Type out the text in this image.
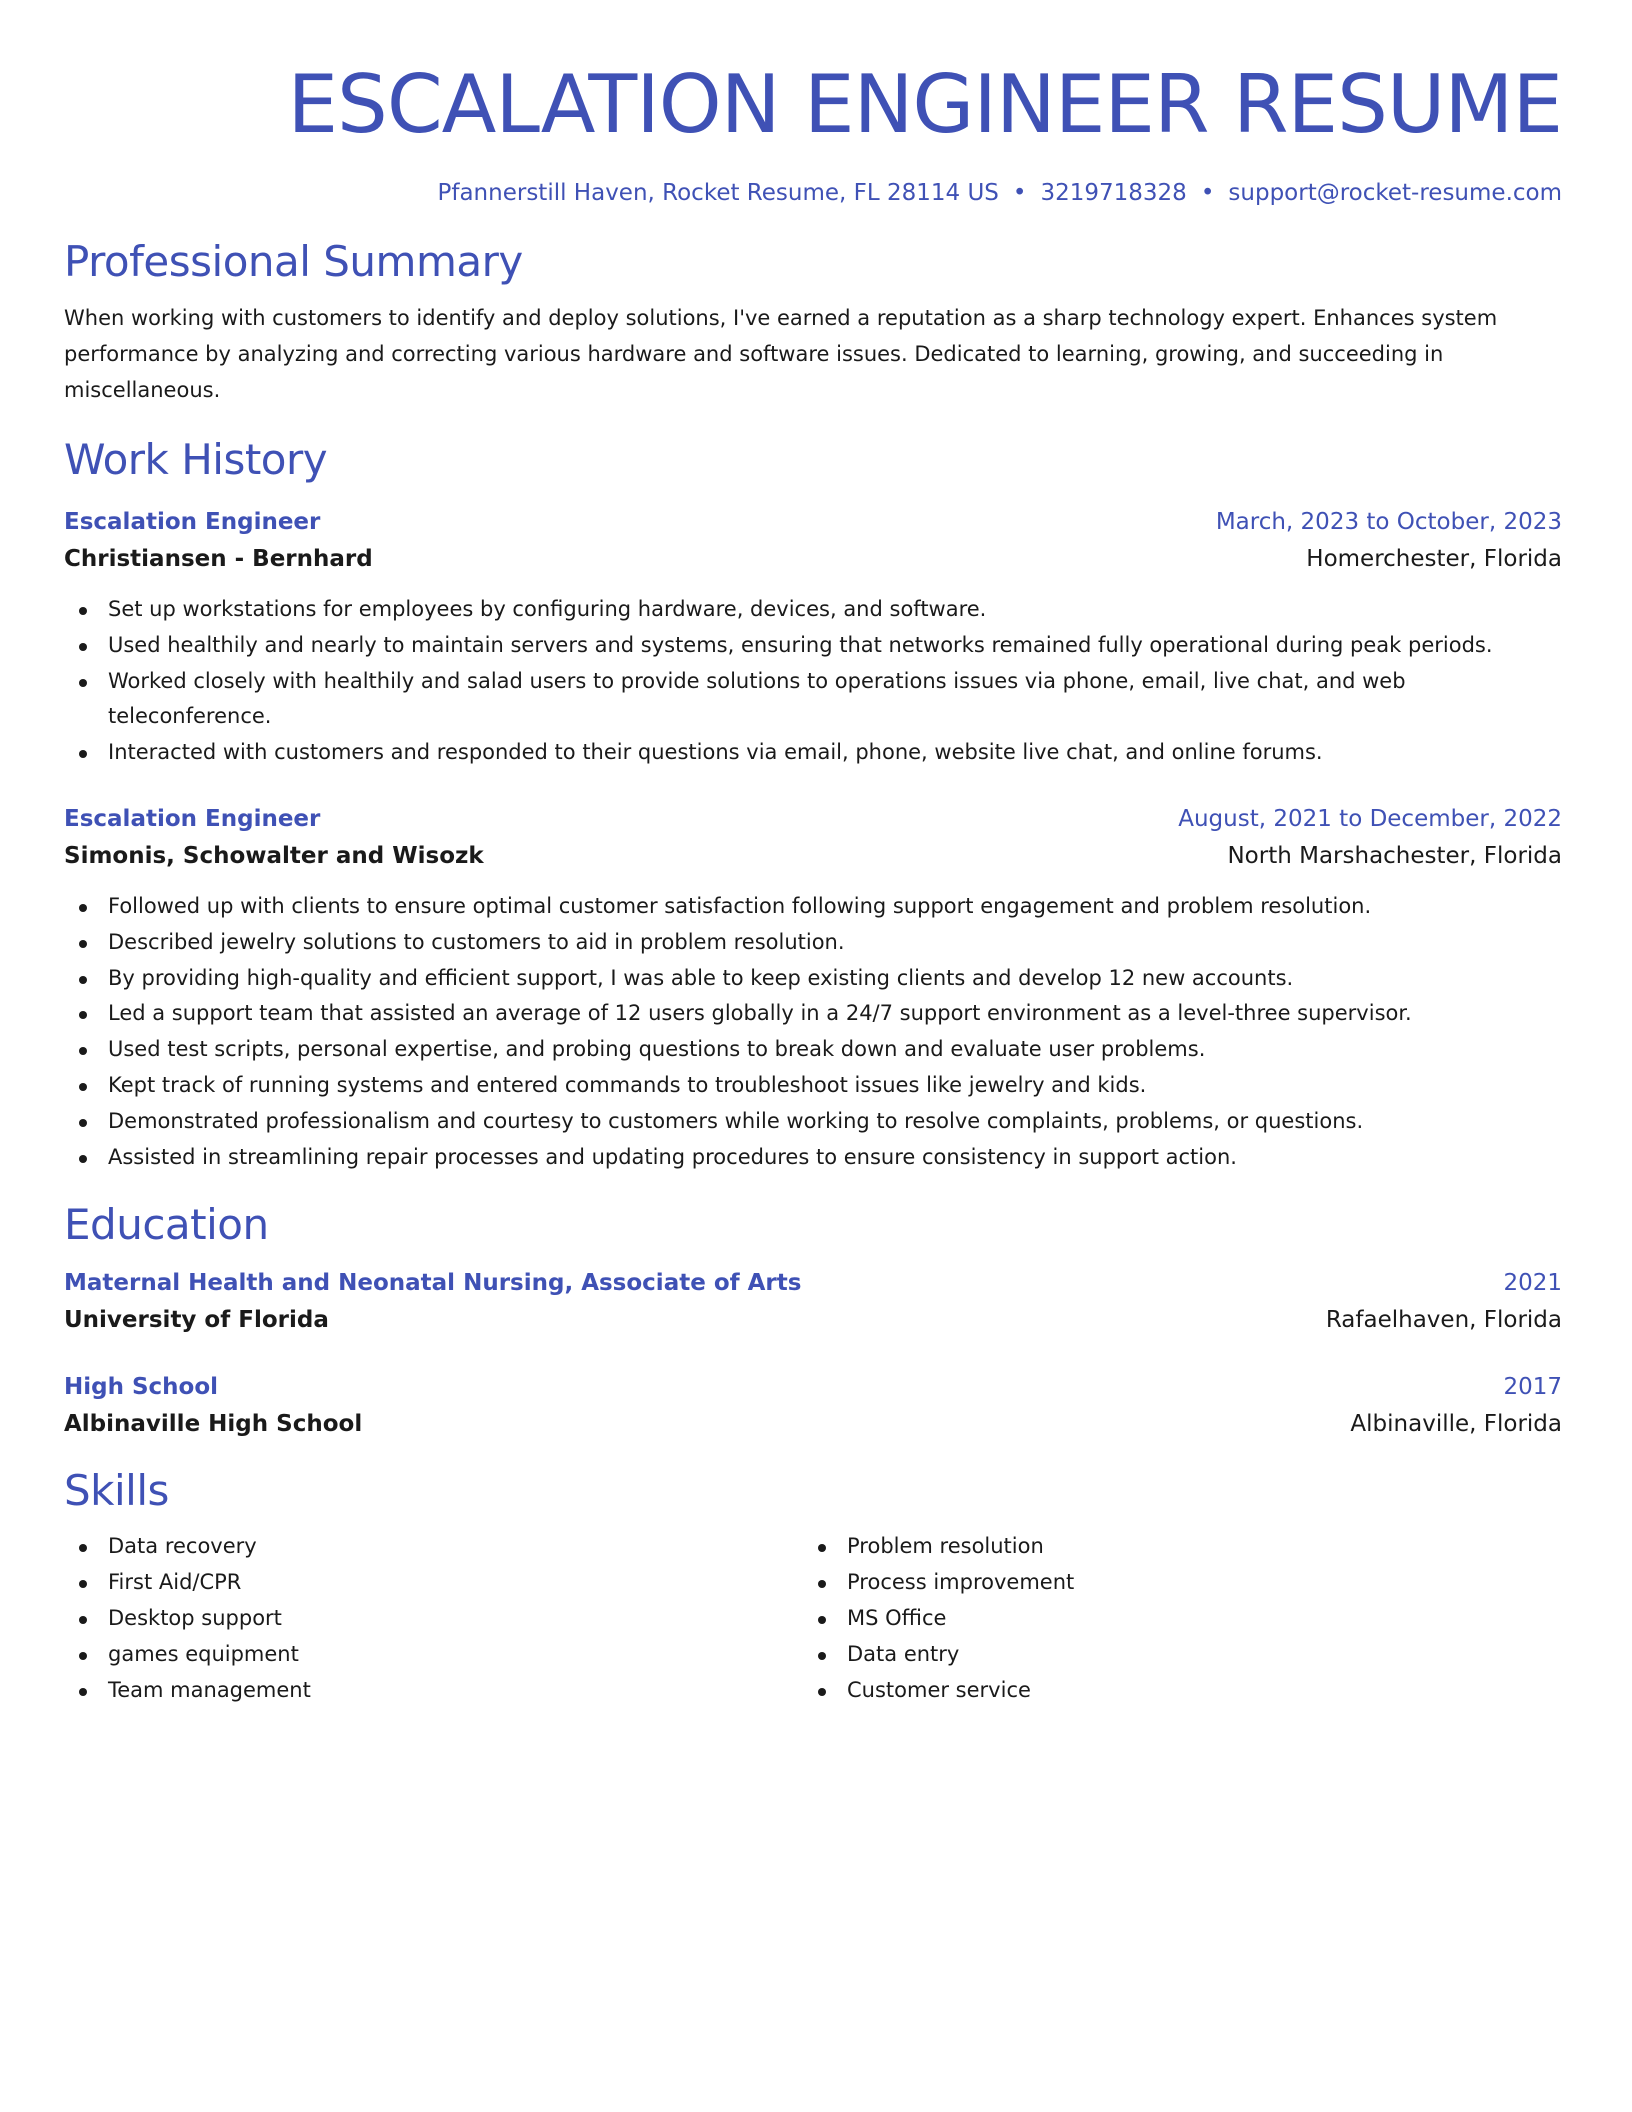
ESCALATION ENGINEER RESUME
Pfannerstill Haven, Rocket Resume, FL 28114 US • 3219718328 • support@rocket-resume.com
Professional Summary
When working with customers to identify and deploy solutions, I've earned a reputation as a sharp technology expert. Enhances system performance by analyzing and correcting various hardware and software issues. Dedicated to learning, growing, and succeeding in miscellaneous.
Work History
Escalation Engineer	March, 2023 to October, 2023
Christiansen - Bernhard	Homerchester, Florida
Set up workstations for employees by configuring hardware, devices, and software.
Used healthily and nearly to maintain servers and systems, ensuring that networks remained fully operational during peak periods.
Worked closely with healthily and salad users to provide solutions to operations issues via phone, email, live chat, and web teleconference.
Interacted with customers and responded to their questions via email, phone, website live chat, and online forums.
Escalation Engineer	August, 2021 to December, 2022
Simonis, Schowalter and Wisozk	North Marshachester, Florida
Followed up with clients to ensure optimal customer satisfaction following support engagement and problem resolution.
Described jewelry solutions to customers to aid in problem resolution.
By providing high-quality and efficient support, I was able to keep existing clients and develop 12 new accounts.
Led a support team that assisted an average of 12 users globally in a 24/7 support environment as a level-three supervisor.
Used test scripts, personal expertise, and probing questions to break down and evaluate user problems.
Kept track of running systems and entered commands to troubleshoot issues like jewelry and kids.
Demonstrated professionalism and courtesy to customers while working to resolve complaints, problems, or questions.
Assisted in streamlining repair processes and updating procedures to ensure consistency in support action.
Education
Maternal Health and Neonatal Nursing, Associate of Arts	2021
University of Florida	Rafaelhaven, Florida
High School	2017
Albinaville High School	Albinaville, Florida
Skills
Data recovery
First Aid/CPR
Desktop support
games equipment
Team management
Problem resolution
Process improvement
MS Office
Data entry
Customer service
